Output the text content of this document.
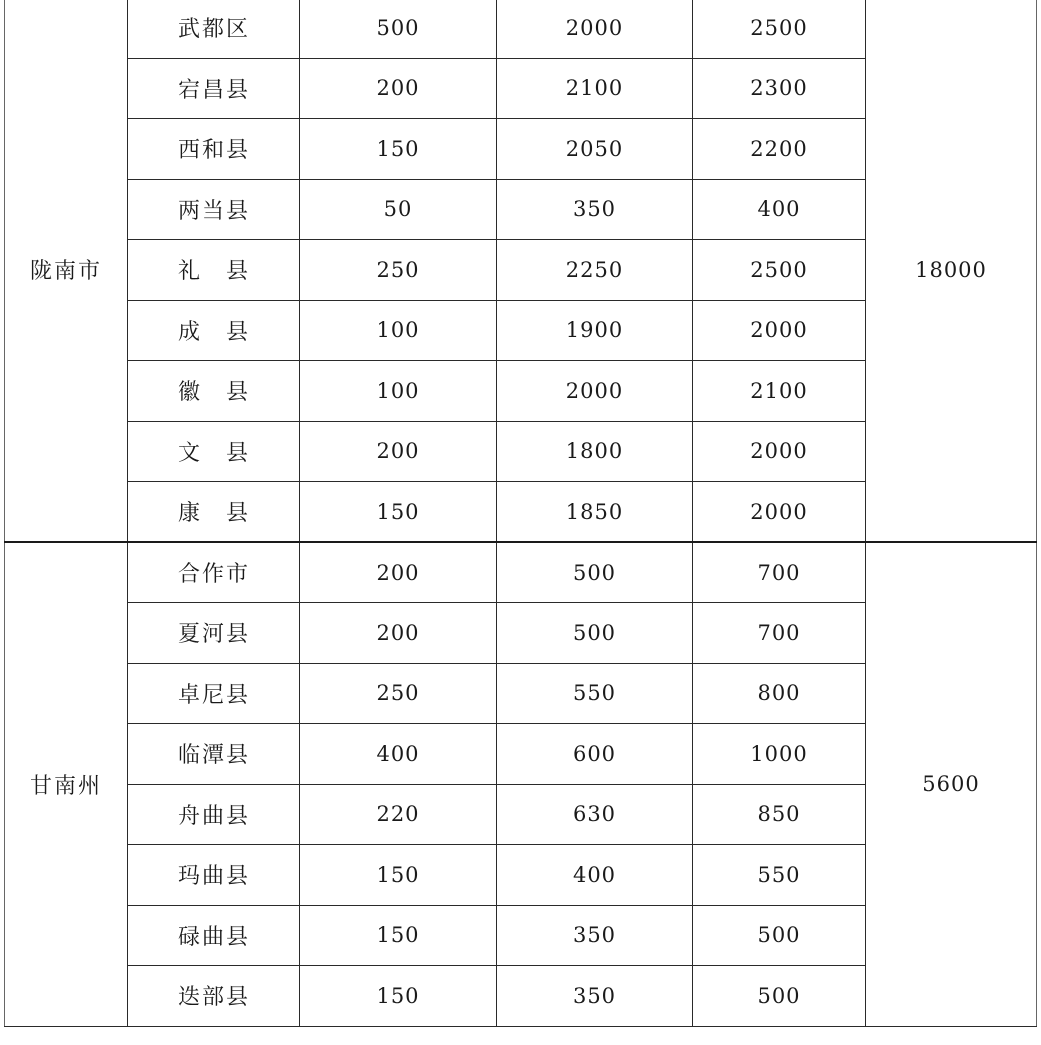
陇南市	武都区	500	2000	2500	18000
	宕昌县	200	2100	2300	
	西和县	150	2050	2200	
	两当县	50	350	400	
	礼　县	250	2250	2500	
	成　县	100	1900	2000	
	徽　县	100	2000	2100	
	文　县	200	1800	2000	
	康　县	150	1850	2000	
甘南州	合作市	200	500	700	5600
	夏河县	200	500	700	
	卓尼县	250	550	800	
	临潭县	400	600	1000	
	舟曲县	220	630	850	
	玛曲县	150	400	550	
	碌曲县	150	350	500	
	迭部县	150	350	500	
